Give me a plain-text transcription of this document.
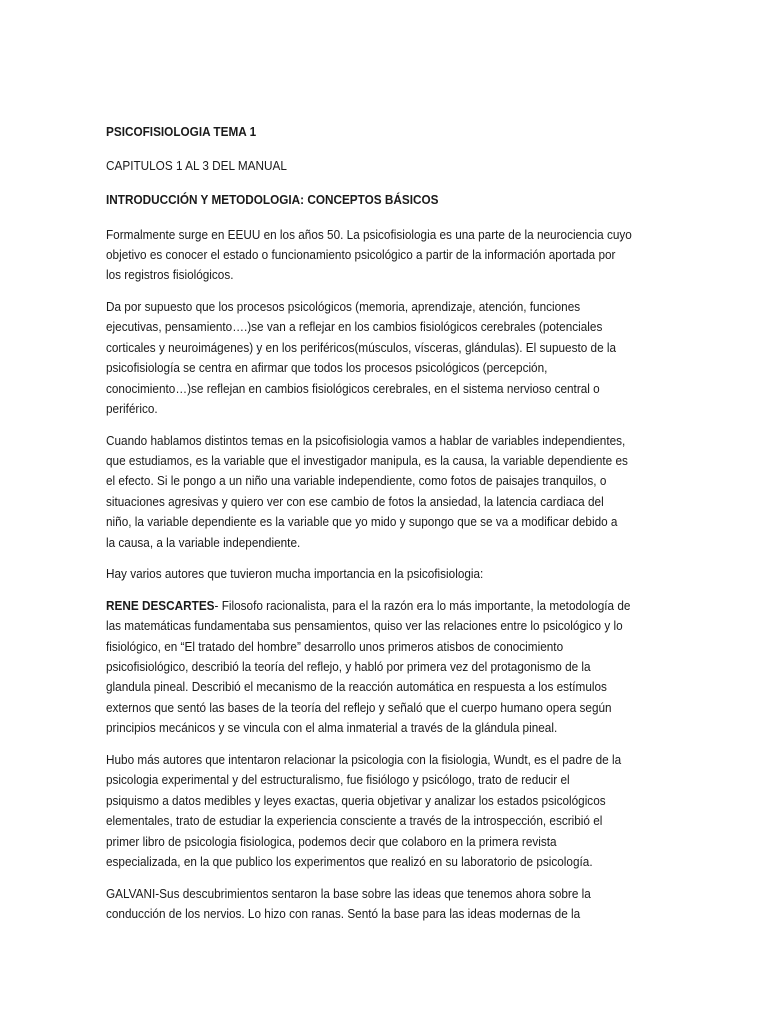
PSICOFISIOLOGIA TEMA 1
CAPITULOS 1 AL 3 DEL MANUAL
INTRODUCCIÓN Y METODOLOGIA: CONCEPTOS BÁSICOS
Formalmente surge en EEUU en los años 50. La psicofisiologia es una parte de la neurociencia cuyo
objetivo es conocer el estado o funcionamiento psicológico a partir de la información aportada por
los registros fisiológicos.
Da por supuesto que los procesos psicológicos (memoria, aprendizaje, atención, funciones
ejecutivas, pensamiento….)se van a reflejar en los cambios fisiológicos cerebrales (potenciales
corticales y neuroimágenes) y en los periféricos(músculos, vísceras, glándulas). El supuesto de la
psicofisiología se centra en afirmar que todos los procesos psicológicos (percepción,
conocimiento…)se reflejan en cambios fisiológicos cerebrales, en el sistema nervioso central o
periférico.
Cuando hablamos distintos temas en la psicofisiologia vamos a hablar de variables independientes,
que estudiamos, es la variable que el investigador manipula, es la causa, la variable dependiente es
el efecto. Si le pongo a un niño una variable independiente, como fotos de paisajes tranquilos, o
situaciones agresivas y quiero ver con ese cambio de fotos la ansiedad, la latencia cardiaca del
niño, la variable dependiente es la variable que yo mido y supongo que se va a modificar debido a
la causa, a la variable independiente.
Hay varios autores que tuvieron mucha importancia en la psicofisiologia:
RENE DESCARTES- Filosofo racionalista, para el la razón era lo más importante, la metodología de
las matemáticas fundamentaba sus pensamientos, quiso ver las relaciones entre lo psicológico y lo
fisiológico, en “El tratado del hombre” desarrollo unos primeros atisbos de conocimiento
psicofisiológico, describió la teoría del reflejo, y habló por primera vez del protagonismo de la
glandula pineal. Describió el mecanismo de la reacción automática en respuesta a los estímulos
externos que sentó las bases de la teoría del reflejo y señaló que el cuerpo humano opera según
principios mecánicos y se vincula con el alma inmaterial a través de la glándula pineal.
Hubo más autores que intentaron relacionar la psicologia con la fisiologia, Wundt, es el padre de la
psicologia experimental y del estructuralismo, fue fisiólogo y psicólogo, trato de reducir el
psiquismo a datos medibles y leyes exactas, queria objetivar y analizar los estados psicológicos
elementales, trato de estudiar la experiencia consciente a través de la introspección, escribió el
primer libro de psicologia fisiologica, podemos decir que colaboro en la primera revista
especializada, en la que publico los experimentos que realizó en su laboratorio de psicología.
GALVANI-Sus descubrimientos sentaron la base sobre las ideas que tenemos ahora sobre la
conducción de los nervios. Lo hizo con ranas. Sentó la base para las ideas modernas de la
